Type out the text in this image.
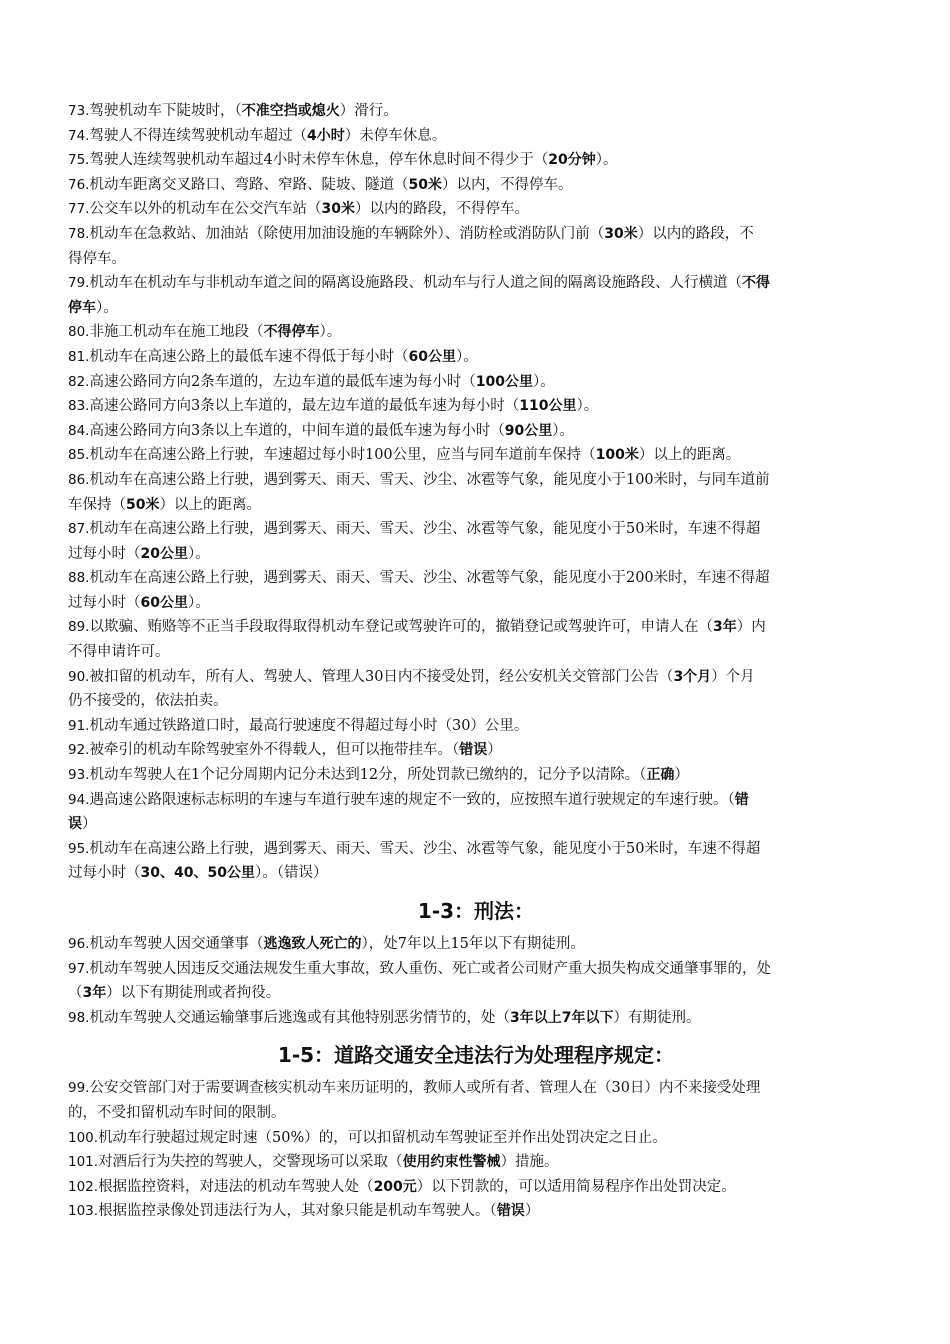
73.驾驶机动车下陡坡时，（不准空挡或熄火）滑行。
74.驾驶人不得连续驾驶机动车超过（4小时）未停车休息。
75.驾驶人连续驾驶机动车超过4小时未停车休息，停车休息时间不得少于（20分钟）。
76.机动车距离交叉路口、弯路、窄路、陡坡、隧道（50米）以内，不得停车。
77.公交车以外的机动车在公交汽车站（30米）以内的路段，不得停车。
78.机动车在急救站、加油站（除使用加油设施的车辆除外）、消防栓或消防队门前（30米）以内的路段，不
得停车。
79.机动车在机动车与非机动车道之间的隔离设施路段、机动车与行人道之间的隔离设施路段、人行横道（不得
停车）。
80.非施工机动车在施工地段（不得停车）。
81.机动车在高速公路上的最低车速不得低于每小时（60公里）。
82.高速公路同方向2条车道的，左边车道的最低车速为每小时（100公里）。
83.高速公路同方向3条以上车道的，最左边车道的最低车速为每小时（110公里）。
84.高速公路同方向3条以上车道的，中间车道的最低车速为每小时（90公里）。
85.机动车在高速公路上行驶，车速超过每小时100公里，应当与同车道前车保持（100米）以上的距离。
86.机动车在高速公路上行驶，遇到雾天、雨天、雪天、沙尘、冰雹等气象，能见度小于100米时，与同车道前
车保持（50米）以上的距离。
87.机动车在高速公路上行驶，遇到雾天、雨天、雪天、沙尘、冰雹等气象，能见度小于50米时，车速不得超
过每小时（20公里）。
88.机动车在高速公路上行驶，遇到雾天、雨天、雪天、沙尘、冰雹等气象，能见度小于200米时，车速不得超
过每小时（60公里）。
89.以欺骗、贿赂等不正当手段取得取得机动车登记或驾驶许可的，撤销登记或驾驶许可，申请人在（3年）内
不得申请许可。
90.被扣留的机动车，所有人、驾驶人、管理人30日内不接受处罚，经公安机关交管部门公告（3个月）个月
仍不接受的，依法拍卖。
91.机动车通过铁路道口时，最高行驶速度不得超过每小时（30）公里。
92.被牵引的机动车除驾驶室外不得载人，但可以拖带挂车。（错误）
93.机动车驾驶人在1个记分周期内记分未达到12分，所处罚款已缴纳的，记分予以清除。（正确）
94.遇高速公路限速标志标明的车速与车道行驶车速的规定不一致的，应按照车道行驶规定的车速行驶。（错
误）
95.机动车在高速公路上行驶，遇到雾天、雨天、雪天、沙尘、冰雹等气象，能见度小于50米时，车速不得超
过每小时（30、40、50公里）。（错误）
1-3：刑法：
96.机动车驾驶人因交通肇事（逃逸致人死亡的），处7年以上15年以下有期徒刑。
97.机动车驾驶人因违反交通法规发生重大事故，致人重伤、死亡或者公司财产重大损失构成交通肇事罪的，处
（3年）以下有期徒刑或者拘役。
98.机动车驾驶人交通运输肇事后逃逸或有其他特别恶劣情节的，处（3年以上7年以下）有期徒刑。
1-5：道路交通安全违法行为处理程序规定：
99.公安交管部门对于需要调查核实机动车来历证明的，教师人或所有者、管理人在（30日）内不来接受处理
的，不受扣留机动车时间的限制。
100.机动车行驶超过规定时速（50%）的，可以扣留机动车驾驶证至并作出处罚决定之日止。
101.对酒后行为失控的驾驶人，交警现场可以采取（使用约束性警械）措施。
102.根据监控资料，对违法的机动车驾驶人处（200元）以下罚款的，可以适用简易程序作出处罚决定。
103.根据监控录像处罚违法行为人，其对象只能是机动车驾驶人。（错误）
